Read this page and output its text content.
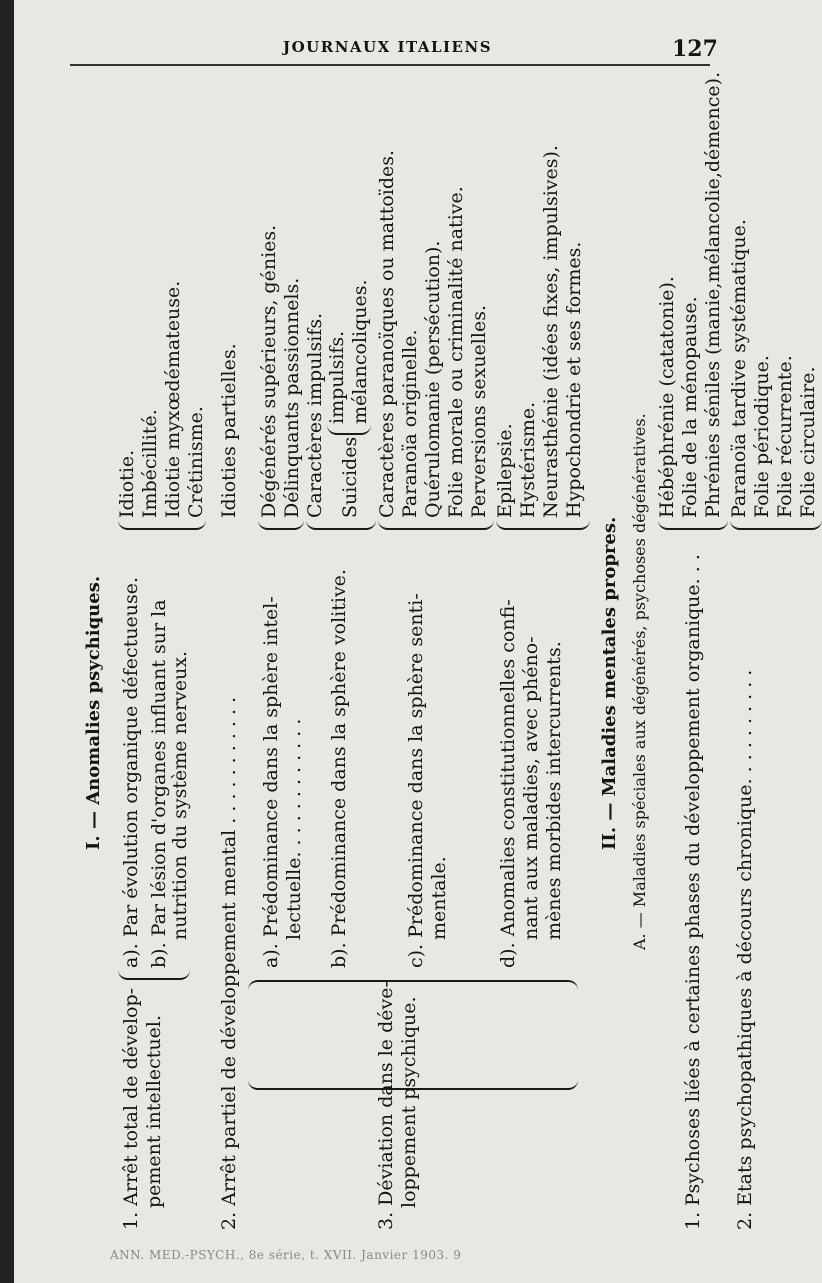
JOURNAUX ITALIENS	127
I. — Anomalies psychiques.
1. Arrêt total de dévelop- pement intellectuel.
a). Par évolution organique défectueuse. b). Par lésion d'organes influant sur la nutrition du système nerveux.
Idiotie. Imbécillité. Idiotie myxœdémateuse. Crétinisme.
2. Arrêt partiel de développement mental . . . . . . . . . . .
Idioties partielles.
3. Déviation dans le déve- loppement psychique.
a). Prédominance dans la sphère intel- lectuelle. . . . . . . . . . . .
Dégénérés supérieurs, génies. Délinquants passionnels.
b). Prédominance dans la sphère volitive.
Caractères impulsifs. Suicides
impulsifs. mélancoliques.
c). Prédominance dans la sphère senti- mentale.
Caractères paranoïques ou mattoïdes. Paranoïa originelle. Quérulomanie (persécution). Folie morale ou criminalité native. Perversions sexuelles.
d). Anomalies constitutionnelles confi- nant aux maladies, avec phéno- mènes morbides intercurrents.
Epilepsie. Hystérisme. Neurasthénie (idées fixes, impulsives). Hypochondrie et ses formes.
II. — Maladies mentales propres. A. — Maladies spéciales aux dégénérés, psychoses dégénératives. 1. Psychoses liées à certaines phases du développement organique. . .
Hébéphrénie (catatonie). Folie de la ménopause. Phrénies séniles (manie,mélancolie,démence).
2. Etats psychopathiques à décours chronique. . . . . . . . . .
Paranoïa tardive systématique. Folie périodique. Folie récurrente. Folie circulaire.
ANN. MED.-PSYCH., 8e série, t. XVII. Janvier 1903. 9
